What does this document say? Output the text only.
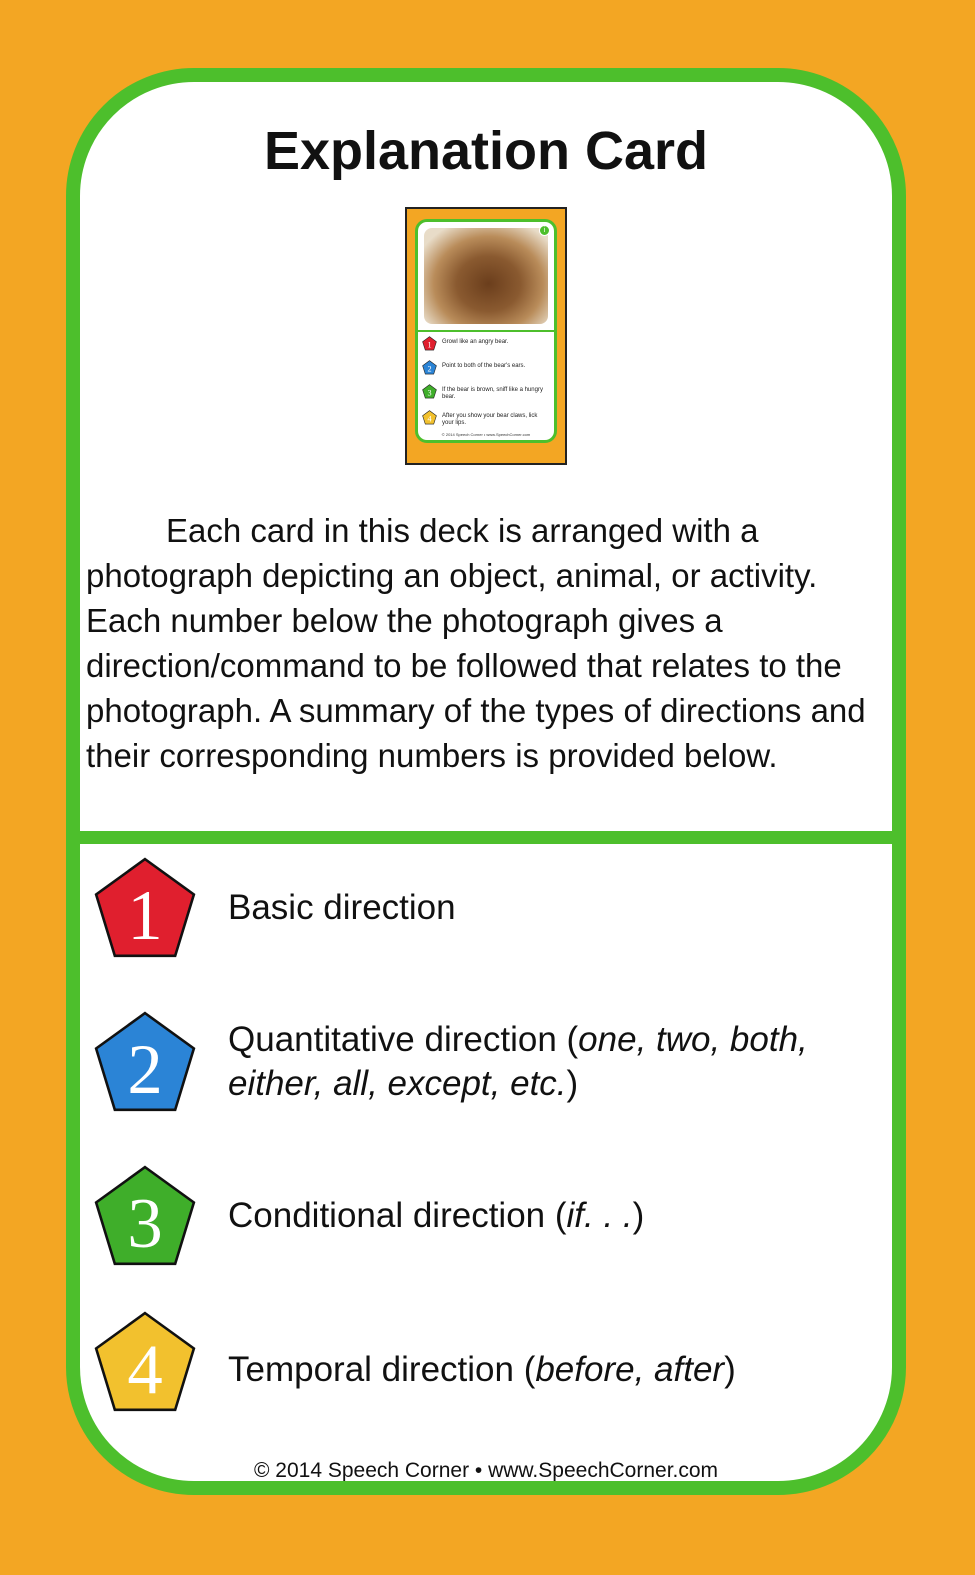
Explanation Card
i
1 Growl like an angry bear.
2 Point to both of the bear's ears.
3 If the bear is brown, sniff like a hungry bear.
4 After you show your bear claws, lick your lips.
© 2014 Speech Corner • www.SpeechCorner.com
Each card in this deck is arranged with a photograph depicting an object, animal, or activity. Each number below the photograph gives a direction/command to be followed that relates to the photograph. A summary of the types of directions and their corresponding numbers is provided below.
1 Basic direction
2 Quantitative direction (one, two, both, either, all, except, etc.)
3 Conditional direction (if. . .)
4 Temporal direction (before, after)
© 2014 Speech Corner • www.SpeechCorner.com
